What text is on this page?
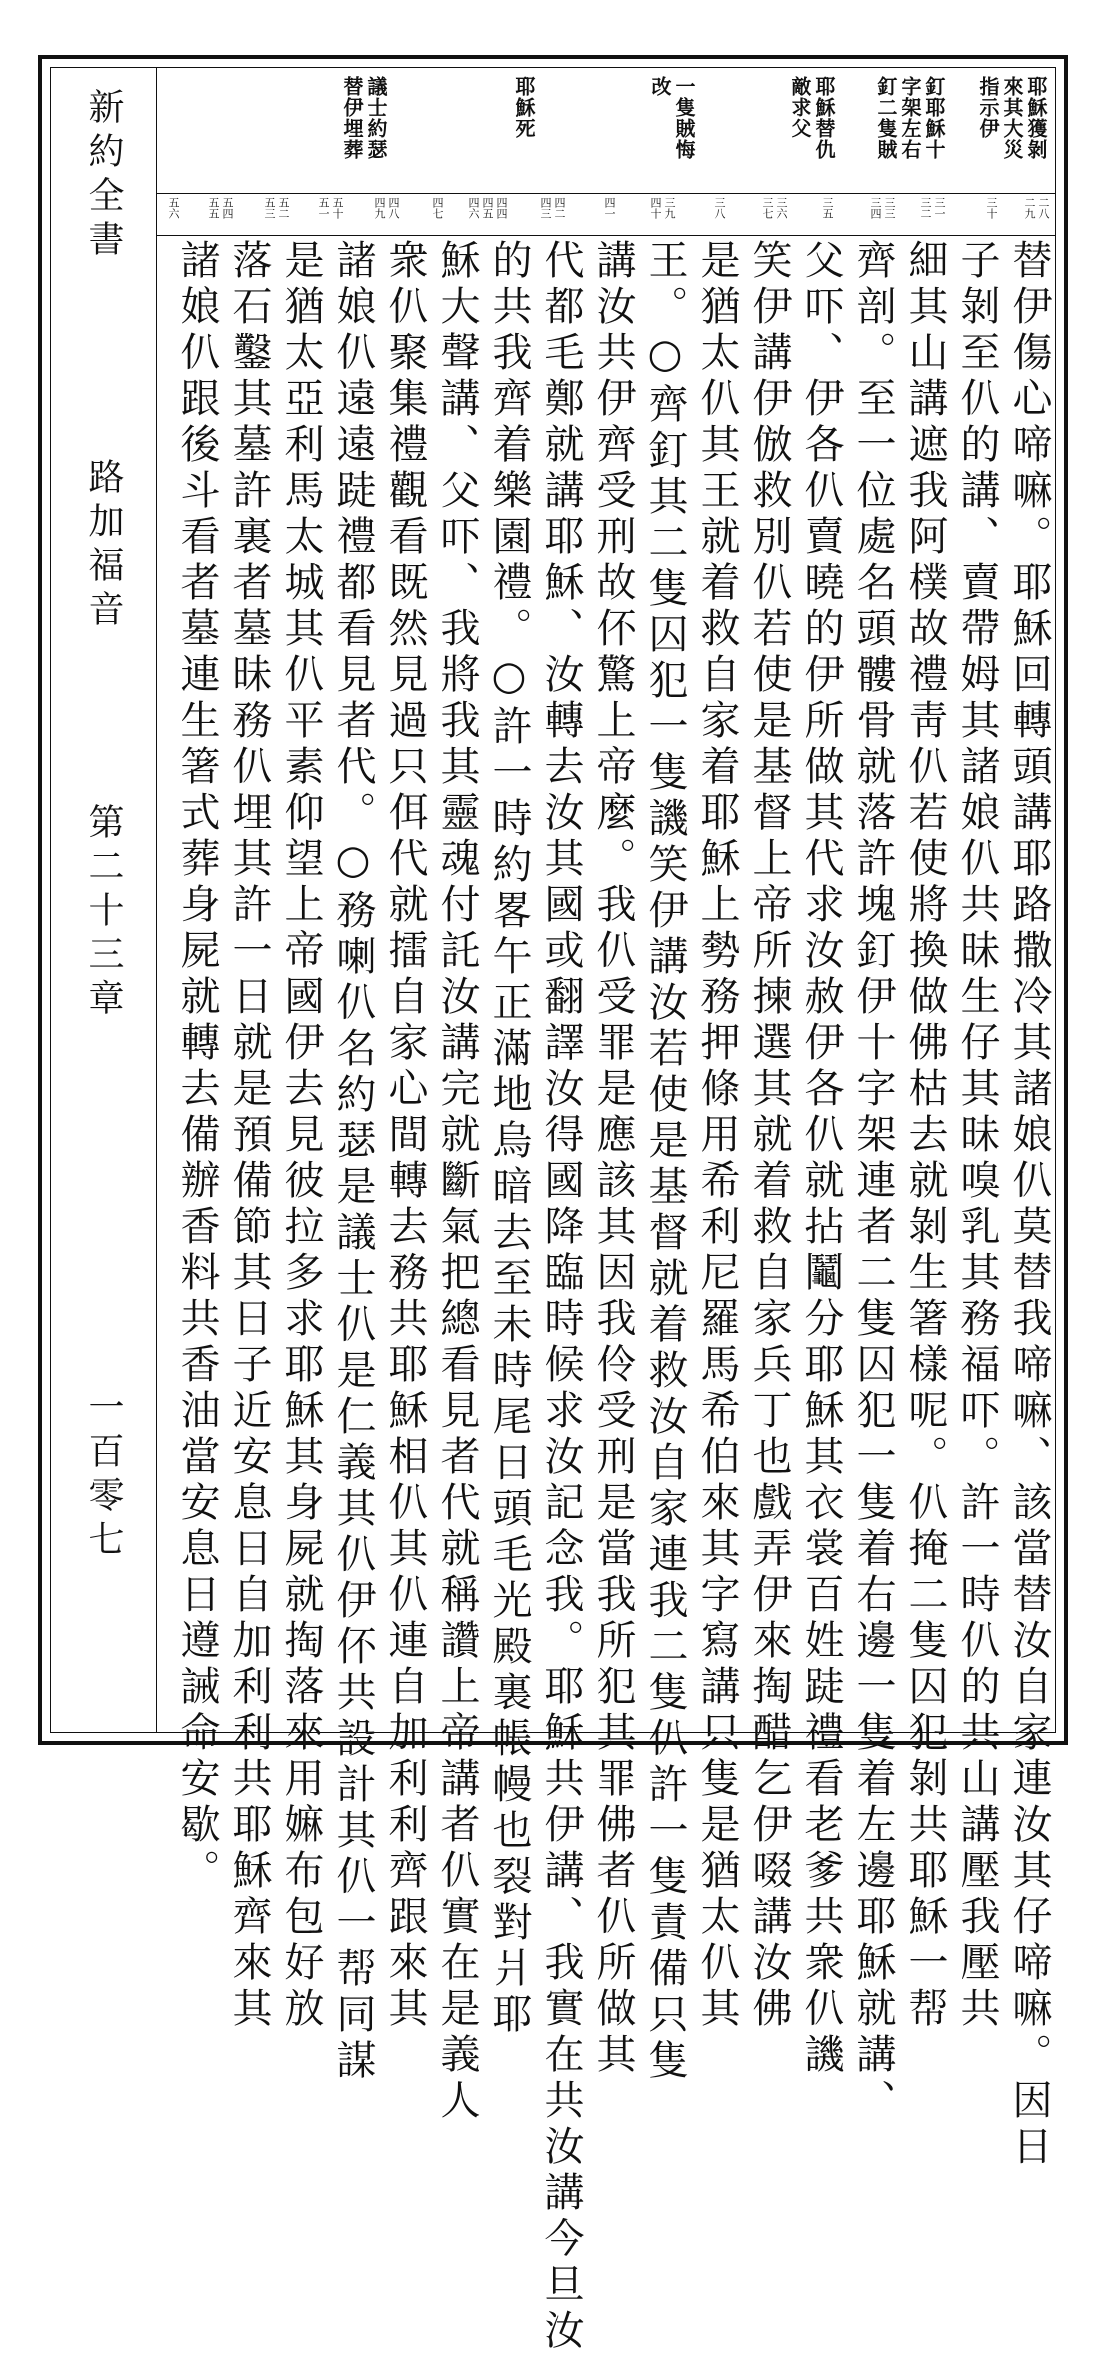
新約全書
路加福音
第二十三章
一百零七
耶穌獲剝
來其大災
指示伊
釘耶穌十
字架左右
釘二隻賊
耶穌替仇
敵求父
一隻賊悔
改
耶穌死
議士約瑟
替伊埋葬
二八
二九
三十
三一
三二
三三
三四
三五
三六
三七
三八
三九
四十
四一
四二
四三
四四
四五
四六
四七
四八
四九
五十
五一
五二
五三
五四
五五
五六
替伊傷心啼嘛。耶穌回轉頭講耶路撒冷其諸娘仈莫替我啼嘛、該當替汝自家連汝其仔啼嘛。因日
子剝至仈的講、賣帶姆其諸娘仈共昧生仔其昧嗅乳其務福吓。許一時仈的共山講壓我壓共
細其山講遮我阿樸故禮靑仈若使將換做佛枯去就剝生箸樣呢。仈掩二隻囚犯剝共耶穌一帮
齊剖。至一位處名頭髏骨就落許塊釘伊十字架連者二隻囚犯一隻着右邊一隻着左邊耶穌就講、
父吓、伊各仈賣曉的伊所做其代求汝赦伊各仈就拈鬮分耶穌其衣裳百姓跿禮看老爹共衆仈譏
笑伊講伊倣救別仈若使是基督上帝所揀選其就着救自家兵丁也戲弄伊來掏醋乞伊啜講汝佛
是猶太仈其王就着救自家着耶穌上勢務押條用希利尼羅馬希伯來其字寫講只隻是猶太仈其
王。○齊釘其二隻囚犯一隻譏笑伊講汝若使是基督就着救汝自家連我二隻仈許一隻責備只隻
講汝共伊齊受刑故伓驚上帝麼。我仈受罪是應該其因我伶受刑是當我所犯其罪佛者仈所做其
代都毛鄭就講耶穌、汝轉去汝其國或翻譯汝得國降臨時候求汝記念我。耶穌共伊講、我實在共汝講今旦汝
的共我齊着樂園禮。○許一時約畧午正滿地烏暗去至未時尾日頭毛光殿裏帳幔也裂對爿耶
穌大聲講、父吓、我將我其靈魂付託汝講完就斷氣把總看見者代就稱讚上帝講者仈實在是義人
衆仈聚集禮觀看既然見過只佴代就擂自家心間轉去務共耶穌相仈其仈連自加利利齊跟來其
諸娘仈遠遠跿禮都看見者代。○務喇仈名約瑟是議士仈是仁義其仈伊伓共設計其仈一帮同謀
是猶太亞利馬太城其仈平素仰望上帝國伊去見彼拉多求耶穌其身屍就掏落來用嫲布包好放
落石鑿其墓許裏者墓昧務仈埋其許一日就是預備節其日子近安息日自加利利共耶穌齊來其
諸娘仈跟後斗看者墓連生箸式葬身屍就轉去備辦香料共香油當安息日遵誡命安歇。
